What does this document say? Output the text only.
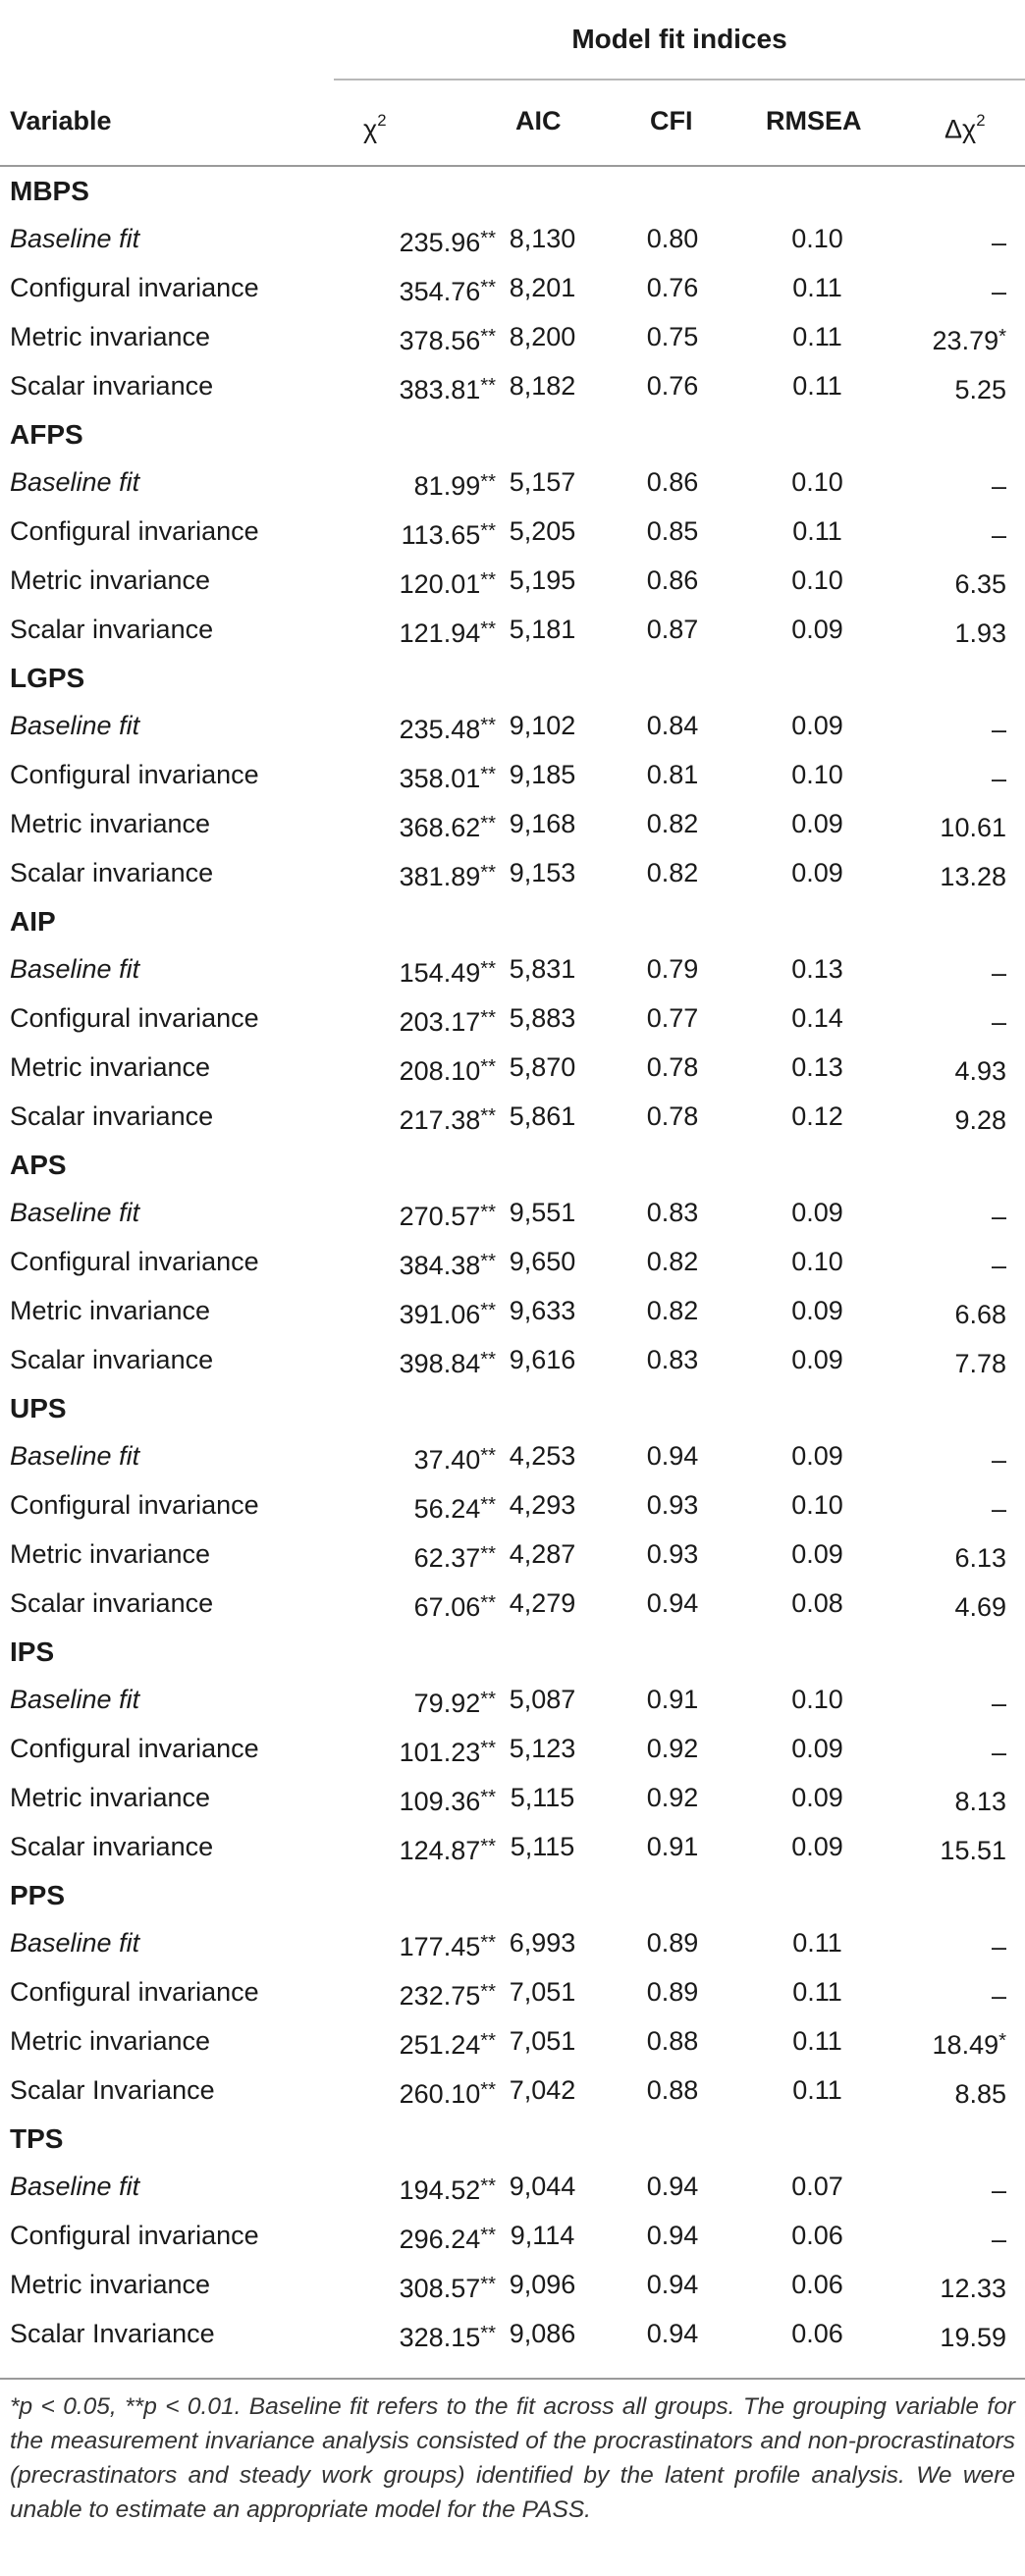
Model fit indices
Variable	$\chi^2$	AIC	CFI	RMSEA	$\Delta\chi^2$
MBPS
Baseline fit	235.96** 8,130	0.80	0.10	–
Configural invariance	354.76** 8,201	0.76	0.11	–
Metric invariance	378.56** 8,200	0.75	0.11	23.79*
Scalar invariance	383.81** 8,182	0.76	0.11	5.25
AFPS
Baseline fit	81.99** 5,157	0.86	0.10	–
Configural invariance	113.65** 5,205	0.85	0.11	–
Metric invariance	120.01** 5,195	0.86	0.10	6.35
Scalar invariance	121.94** 5,181	0.87	0.09	1.93
LGPS
Baseline fit	235.48** 9,102	0.84	0.09	–
Configural invariance	358.01** 9,185	0.81	0.10	–
Metric invariance	368.62** 9,168	0.82	0.09	10.61
Scalar invariance	381.89** 9,153	0.82	0.09	13.28
AIP
Baseline fit	154.49** 5,831	0.79	0.13	–
Configural invariance	203.17** 5,883	0.77	0.14	–
Metric invariance	208.10** 5,870	0.78	0.13	4.93
Scalar invariance	217.38** 5,861	0.78	0.12	9.28
APS
Baseline fit	270.57** 9,551	0.83	0.09	–
Configural invariance	384.38** 9,650	0.82	0.10	–
Metric invariance	391.06** 9,633	0.82	0.09	6.68
Scalar invariance	398.84** 9,616	0.83	0.09	7.78
UPS
Baseline fit	37.40** 4,253	0.94	0.09	–
Configural invariance	56.24** 4,293	0.93	0.10	–
Metric invariance	62.37** 4,287	0.93	0.09	6.13
Scalar invariance	67.06** 4,279	0.94	0.08	4.69
IPS
Baseline fit	79.92** 5,087	0.91	0.10	–
Configural invariance	101.23** 5,123	0.92	0.09	–
Metric invariance	109.36** 5,115	0.92	0.09	8.13
Scalar invariance	124.87** 5,115	0.91	0.09	15.51
PPS
Baseline fit	177.45** 6,993	0.89	0.11	–
Configural invariance	232.75** 7,051	0.89	0.11	–
Metric invariance	251.24** 7,051	0.88	0.11	18.49*
Scalar Invariance	260.10** 7,042	0.88	0.11	8.85
TPS
Baseline fit	194.52** 9,044	0.94	0.07	–
Configural invariance	296.24** 9,114	0.94	0.06	–
Metric invariance	308.57** 9,096	0.94	0.06	12.33
Scalar Invariance	328.15** 9,086	0.94	0.06	19.59
*p < 0.05, **p < 0.01. Baseline fit refers to the fit across all groups. The grouping variable for the measurement invariance analysis consisted of the procrastinators and non-procrastinators (precrastinators and steady work groups) identified by the latent profile analysis. We were unable to estimate an appropriate model for the PASS.
